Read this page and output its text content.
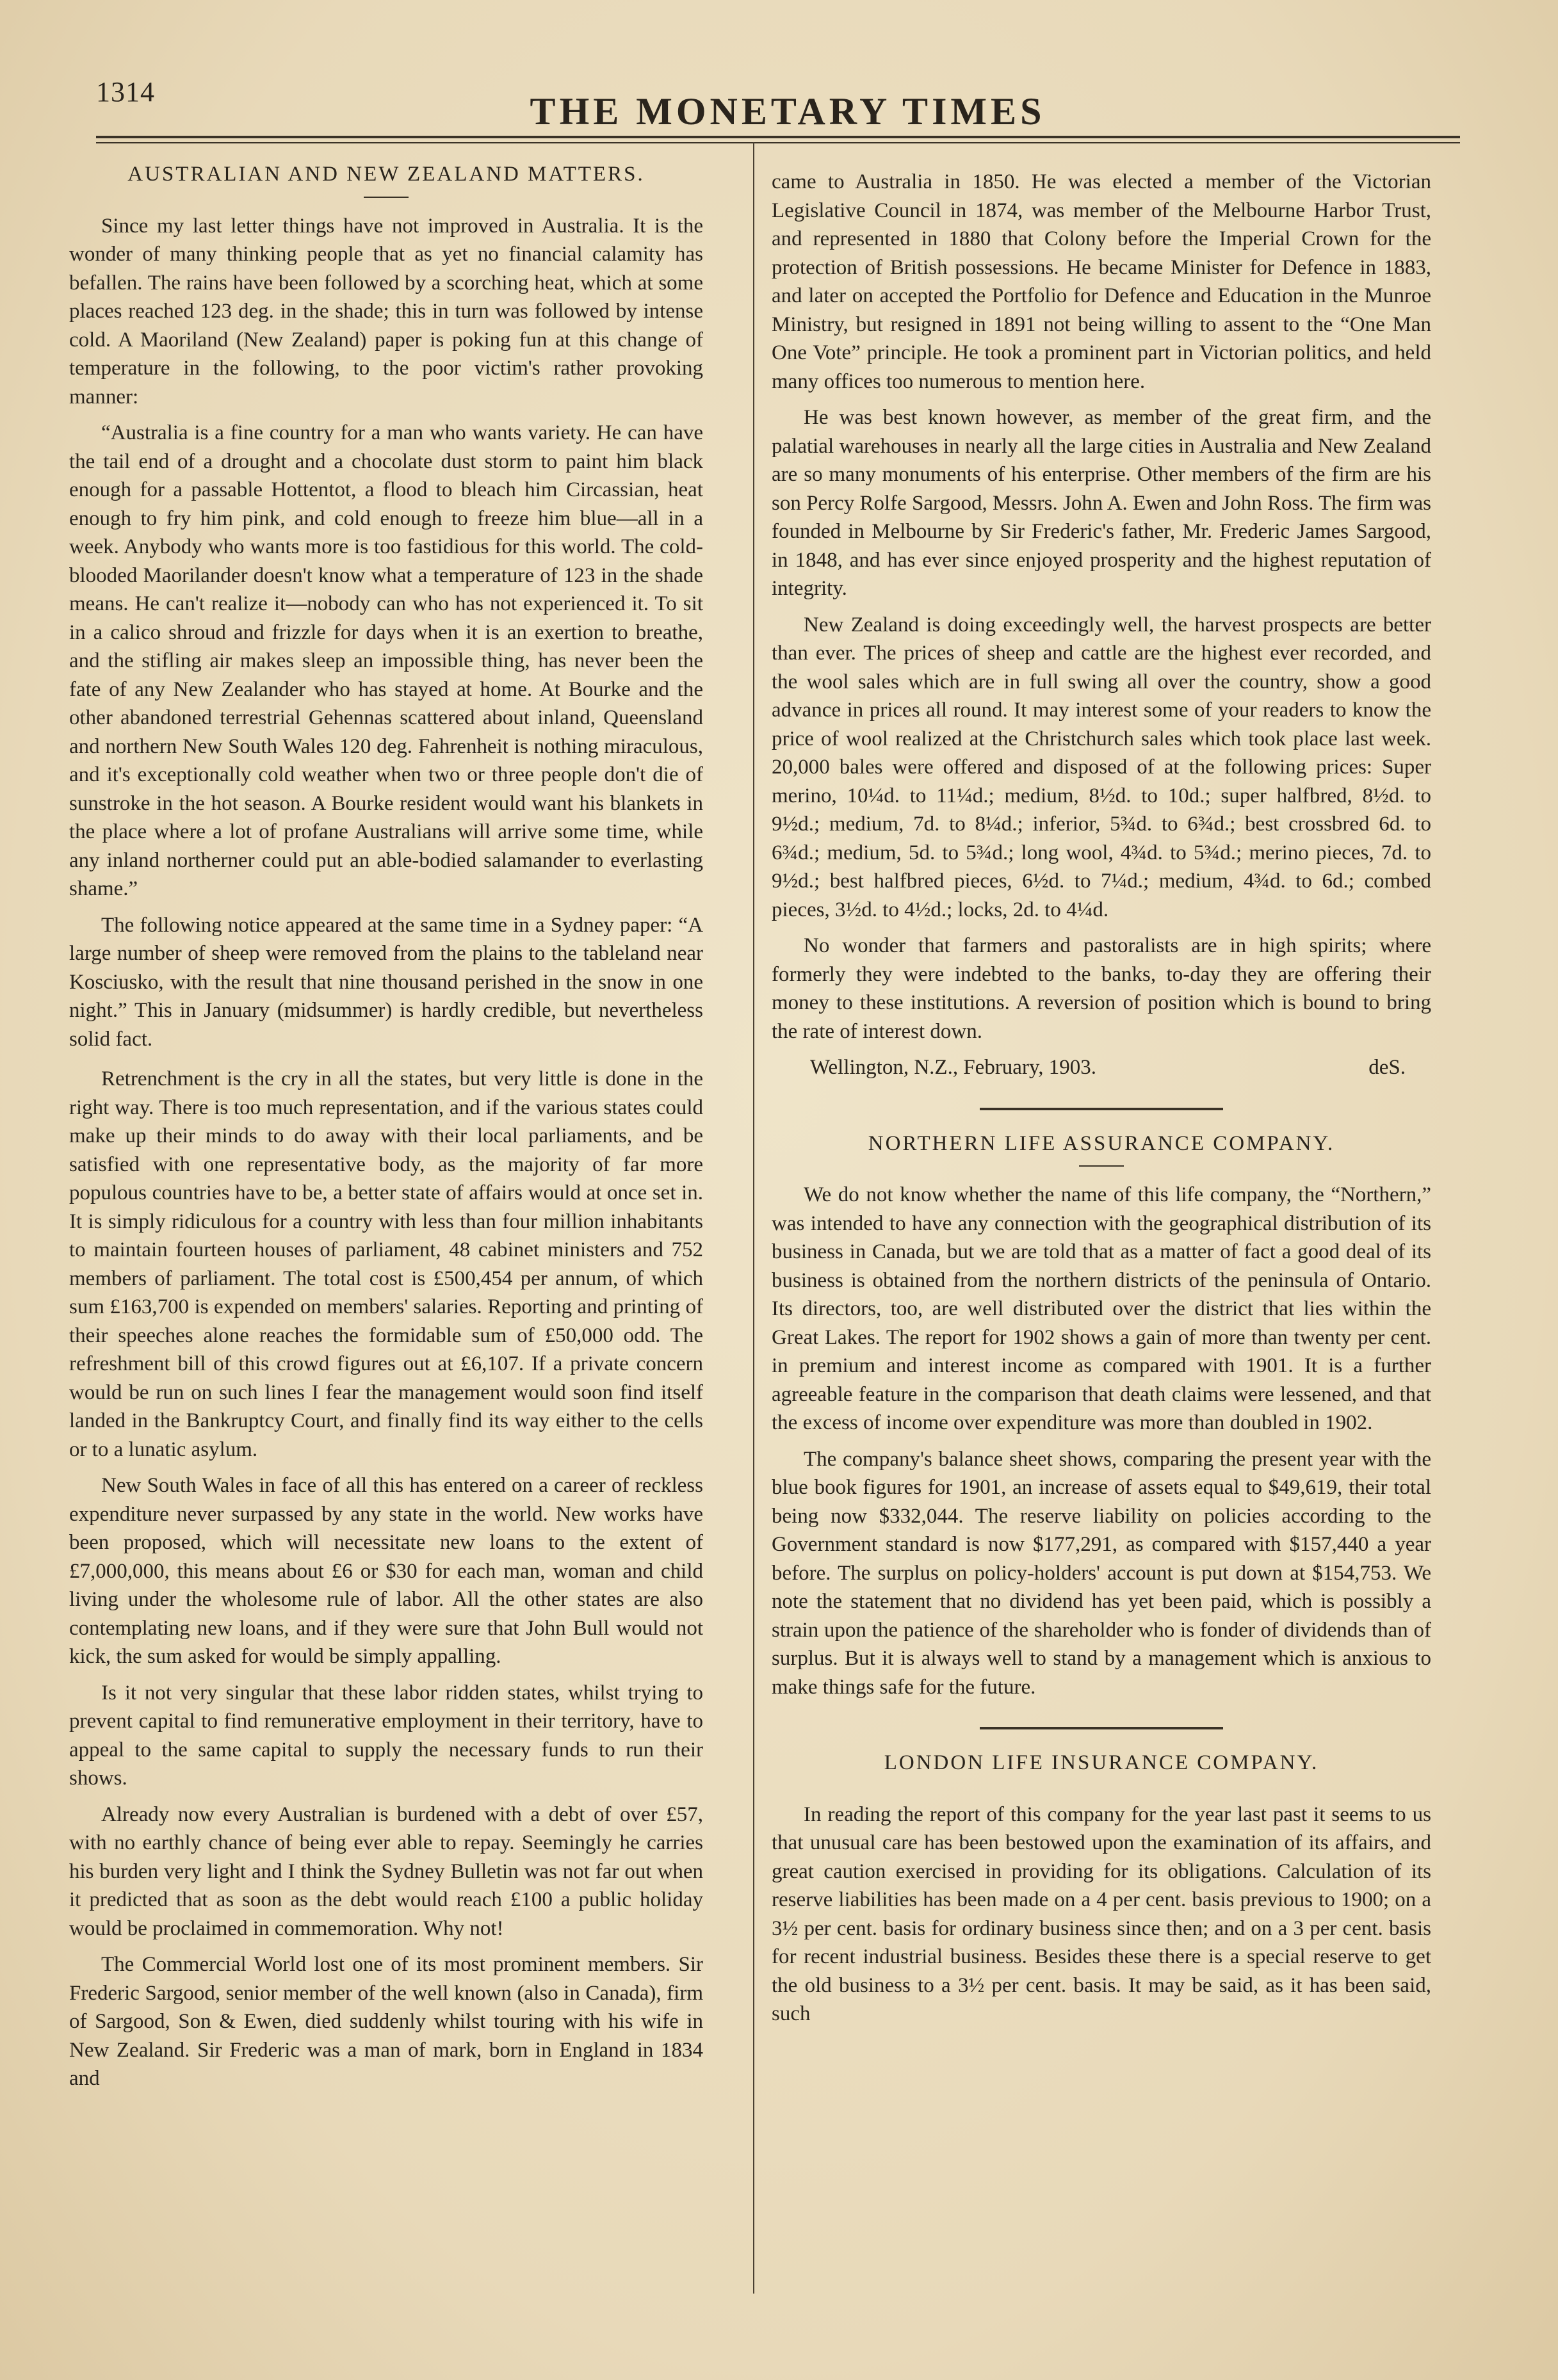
1314	THE MONETARY TIMES
AUSTRALIAN AND NEW ZEALAND MATTERS.

Since my last letter things have not improved in Australia. It is the wonder of many thinking people that as yet no financial calamity has befallen. The rains have been followed by a scorching heat, which at some places reached 123 deg. in the shade; this in turn was followed by intense cold. A Maoriland (New Zealand) paper is poking fun at this change of temperature in the following, to the poor victim's rather provoking manner:

“Australia is a fine country for a man who wants variety. He can have the tail end of a drought and a chocolate dust storm to paint him black enough for a passable Hottentot, a flood to bleach him Circassian, heat enough to fry him pink, and cold enough to freeze him blue—all in a week. Anybody who wants more is too fastidious for this world. The cold-blooded Maorilander doesn't know what a temperature of 123 in the shade means. He can't realize it—nobody can who has not experienced it. To sit in a calico shroud and frizzle for days when it is an exertion to breathe, and the stifling air makes sleep an impossible thing, has never been the fate of any New Zealander who has stayed at home. At Bourke and the other abandoned terrestrial Gehennas scattered about inland, Queensland and northern New South Wales 120 deg. Fahrenheit is nothing miraculous, and it's exceptionally cold weather when two or three people don't die of sunstroke in the hot season. A Bourke resident would want his blankets in the place where a lot of profane Australians will arrive some time, while any inland northerner could put an able-bodied salamander to everlasting shame.”

The following notice appeared at the same time in a Sydney paper: “A large number of sheep were removed from the plains to the tableland near Kosciusko, with the result that nine thousand perished in the snow in one night.” This in January (midsummer) is hardly credible, but nevertheless solid fact.

Retrenchment is the cry in all the states, but very little is done in the right way. There is too much representation, and if the various states could make up their minds to do away with their local parliaments, and be satisfied with one representative body, as the majority of far more populous countries have to be, a better state of affairs would at once set in. It is simply ridiculous for a country with less than four million inhabitants to maintain fourteen houses of parliament, 48 cabinet ministers and 752 members of parliament. The total cost is £500,454 per annum, of which sum £163,700 is expended on members' salaries. Reporting and printing of their speeches alone reaches the formidable sum of £50,000 odd. The refreshment bill of this crowd figures out at £6,107. If a private concern would be run on such lines I fear the management would soon find itself landed in the Bankruptcy Court, and finally find its way either to the cells or to a lunatic asylum.

New South Wales in face of all this has entered on a career of reckless expenditure never surpassed by any state in the world. New works have been proposed, which will necessitate new loans to the extent of £7,000,000, this means about £6 or $30 for each man, woman and child living under the wholesome rule of labor. All the other states are also contemplating new loans, and if they were sure that John Bull would not kick, the sum asked for would be simply appalling.

Is it not very singular that these labor ridden states, whilst trying to prevent capital to find remunerative employment in their territory, have to appeal to the same capital to supply the necessary funds to run their shows.

Already now every Australian is burdened with a debt of over £57, with no earthly chance of being ever able to repay. Seemingly he carries his burden very light and I think the Sydney Bulletin was not far out when it predicted that as soon as the debt would reach £100 a public holiday would be proclaimed in commemoration. Why not!

The Commercial World lost one of its most prominent members. Sir Frederic Sargood, senior member of the well known (also in Canada), firm of Sargood, Son & Ewen, died suddenly whilst touring with his wife in New Zealand. Sir Frederic was a man of mark, born in England in 1834 and

came to Australia in 1850. He was elected a member of the Victorian Legislative Council in 1874, was member of the Melbourne Harbor Trust, and represented in 1880 that Colony before the Imperial Crown for the protection of British possessions. He became Minister for Defence in 1883, and later on accepted the Portfolio for Defence and Education in the Munroe Ministry, but resigned in 1891 not being willing to assent to the “One Man One Vote” principle. He took a prominent part in Victorian politics, and held many offices too numerous to mention here.

He was best known however, as member of the great firm, and the palatial warehouses in nearly all the large cities in Australia and New Zealand are so many monuments of his enterprise. Other members of the firm are his son Percy Rolfe Sargood, Messrs. John A. Ewen and John Ross. The firm was founded in Melbourne by Sir Frederic's father, Mr. Frederic James Sargood, in 1848, and has ever since enjoyed prosperity and the highest reputation of integrity.

New Zealand is doing exceedingly well, the harvest prospects are better than ever. The prices of sheep and cattle are the highest ever recorded, and the wool sales which are in full swing all over the country, show a good advance in prices all round. It may interest some of your readers to know the price of wool realized at the Christchurch sales which took place last week. 20,000 bales were offered and disposed of at the following prices: Super merino, 10¼d. to 11¼d.; medium, 8½d. to 10d.; super halfbred, 8½d. to 9½d.; medium, 7d. to 8¼d.; inferior, 5¾d. to 6¾d.; best crossbred 6d. to 6¾d.; medium, 5d. to 5¾d.; long wool, 4¾d. to 5¾d.; merino pieces, 7d. to 9½d.; best halfbred pieces, 6½d. to 7¼d.; medium, 4¾d. to 6d.; combed pieces, 3½d. to 4½d.; locks, 2d. to 4¼d.

No wonder that farmers and pastoralists are in high spirits; where formerly they were indebted to the banks, to-day they are offering their money to these institutions. A reversion of position which is bound to bring the rate of interest down.

Wellington, N.Z., February, 1903.	deS.
NORTHERN LIFE ASSURANCE COMPANY.

We do not know whether the name of this life company, the “Northern,” was intended to have any connection with the geographical distribution of its business in Canada, but we are told that as a matter of fact a good deal of its business is obtained from the northern districts of the peninsula of Ontario. Its directors, too, are well distributed over the district that lies within the Great Lakes. The report for 1902 shows a gain of more than twenty per cent. in premium and interest income as compared with 1901. It is a further agreeable feature in the comparison that death claims were lessened, and that the excess of income over expenditure was more than doubled in 1902.

The company's balance sheet shows, comparing the present year with the blue book figures for 1901, an increase of assets equal to $49,619, their total being now $332,044. The reserve liability on policies according to the Government standard is now $177,291, as compared with $157,440 a year before. The surplus on policy-holders' account is put down at $154,753. We note the statement that no dividend has yet been paid, which is possibly a strain upon the patience of the shareholder who is fonder of dividends than of surplus. But it is always well to stand by a management which is anxious to make things safe for the future.

LONDON LIFE INSURANCE COMPANY.

In reading the report of this company for the year last past it seems to us that unusual care has been bestowed upon the examination of its affairs, and great caution exercised in providing for its obligations. Calculation of its reserve liabilities has been made on a 4 per cent. basis previous to 1900; on a 3½ per cent. basis for ordinary business since then; and on a 3 per cent. basis for recent industrial business. Besides these there is a special reserve to get the old business to a 3½ per cent. basis. It may be said, as it has been said, such
